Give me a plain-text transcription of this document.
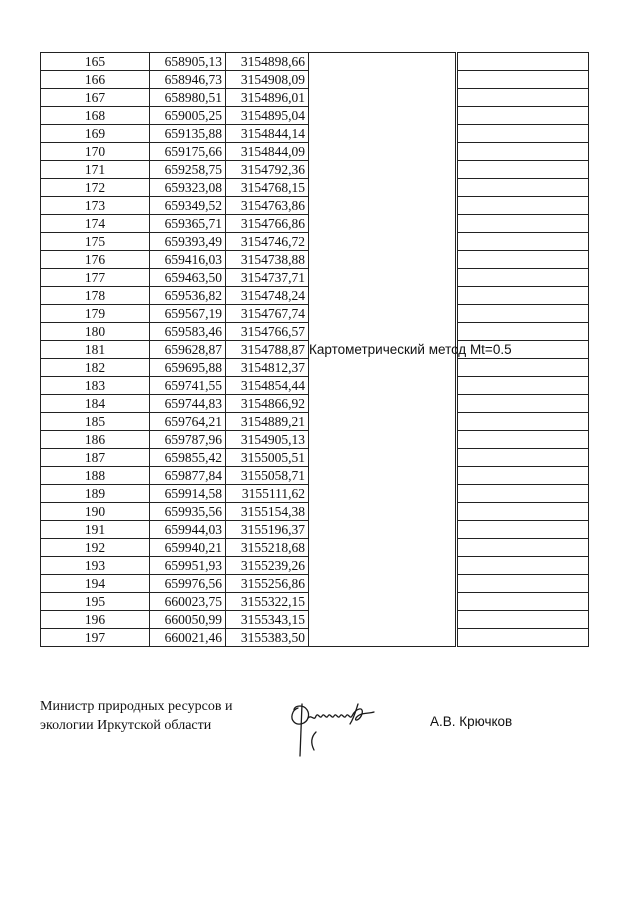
165	658905,13	3154898,66	Картометрический метод Mt=0.5		
166	658946,73	3154908,09			
167	658980,51	3154896,01			
168	659005,25	3154895,04			
169	659135,88	3154844,14			
170	659175,66	3154844,09			
171	659258,75	3154792,36			
172	659323,08	3154768,15			
173	659349,52	3154763,86			
174	659365,71	3154766,86			
175	659393,49	3154746,72			
176	659416,03	3154738,88			
177	659463,50	3154737,71			
178	659536,82	3154748,24			
179	659567,19	3154767,74			
180	659583,46	3154766,57			
181	659628,87	3154788,87			
182	659695,88	3154812,37			
183	659741,55	3154854,44			
184	659744,83	3154866,92			
185	659764,21	3154889,21			
186	659787,96	3154905,13			
187	659855,42	3155005,51			
188	659877,84	3155058,71			
189	659914,58	3155111,62			
190	659935,56	3155154,38			
191	659944,03	3155196,37			
192	659940,21	3155218,68			
193	659951,93	3155239,26			
194	659976,56	3155256,86			
195	660023,75	3155322,15			
196	660050,99	3155343,15			
197	660021,46	3155383,50			
Министр природных ресурсов и
экологии Иркутской области	А.В. Крючков
